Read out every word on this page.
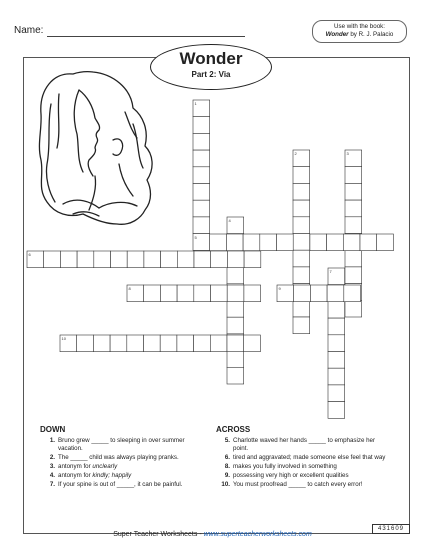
Name:	Use with the book:
Wonder by R. J. Palacio
Wonder
Part 2: Via
1
2	3
4
5
6
7
8	9
10
DOWN
1. Bruno grew _____ to sleeping in over summer vacation.
2. The _____ child was always playing pranks.
3. antonym for unclearly
4. antonym for kindly; happily
7. If your spine is out of _____, it can be painful.
ACROSS
5. Charlotte waved her hands _____ to emphasize her point.
6. tired and aggravated; made someone else feel that way
8. makes you fully involved in something
9. possessing very high or excellent qualities
10. You must proofread _____ to catch every error!
Super Teacher Worksheets - www.superteacherworksheets.com
431609
